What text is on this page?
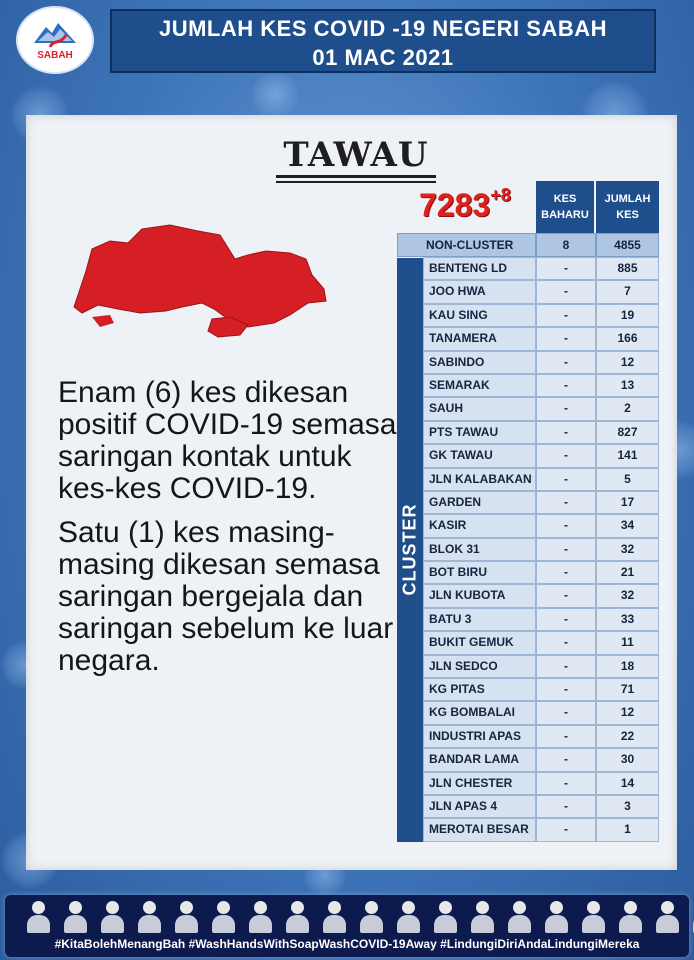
SABAH
JUMLAH KES COVID -19 NEGERI SABAH
01 MAC 2021
TAWAU
$7283^{+8}$

Enam (6) kes dikesan positif COVID-19 semasa saringan kontak untuk kes-kes COVID-19.

Satu (1) kes masing-masing dikesan semasa saringan bergejala dan saringan sebelum ke luar negara.

KES BAHARU
JUMLAH KES
NON-CLUSTER	8	4855
CLUSTER
BENTENG LD	-	885
JOO HWA	-	7
KAU SING	-	19
TANAMERA	-	166
SABINDO	-	12
SEMARAK	-	13
SAUH	-	2
PTS TAWAU	-	827
GK TAWAU	-	141
JLN KALABAKAN	-	5
GARDEN	-	17
KASIR	-	34
BLOK 31	-	32
BOT BIRU	-	21
JLN KUBOTA	-	32
BATU 3	-	33
BUKIT GEMUK	-	11
JLN SEDCO	-	18
KG PITAS	-	71
KG BOMBALAI	-	12
INDUSTRI APAS	-	22
BANDAR LAMA	-	30
JLN CHESTER	-	14
JLN APAS 4	-	3
MEROTAI BESAR	-	1
#KitaBolehMenangBah #WashHandsWithSoapWashCOVID-19Away #LindungiDiriAndaLindungiMereka
